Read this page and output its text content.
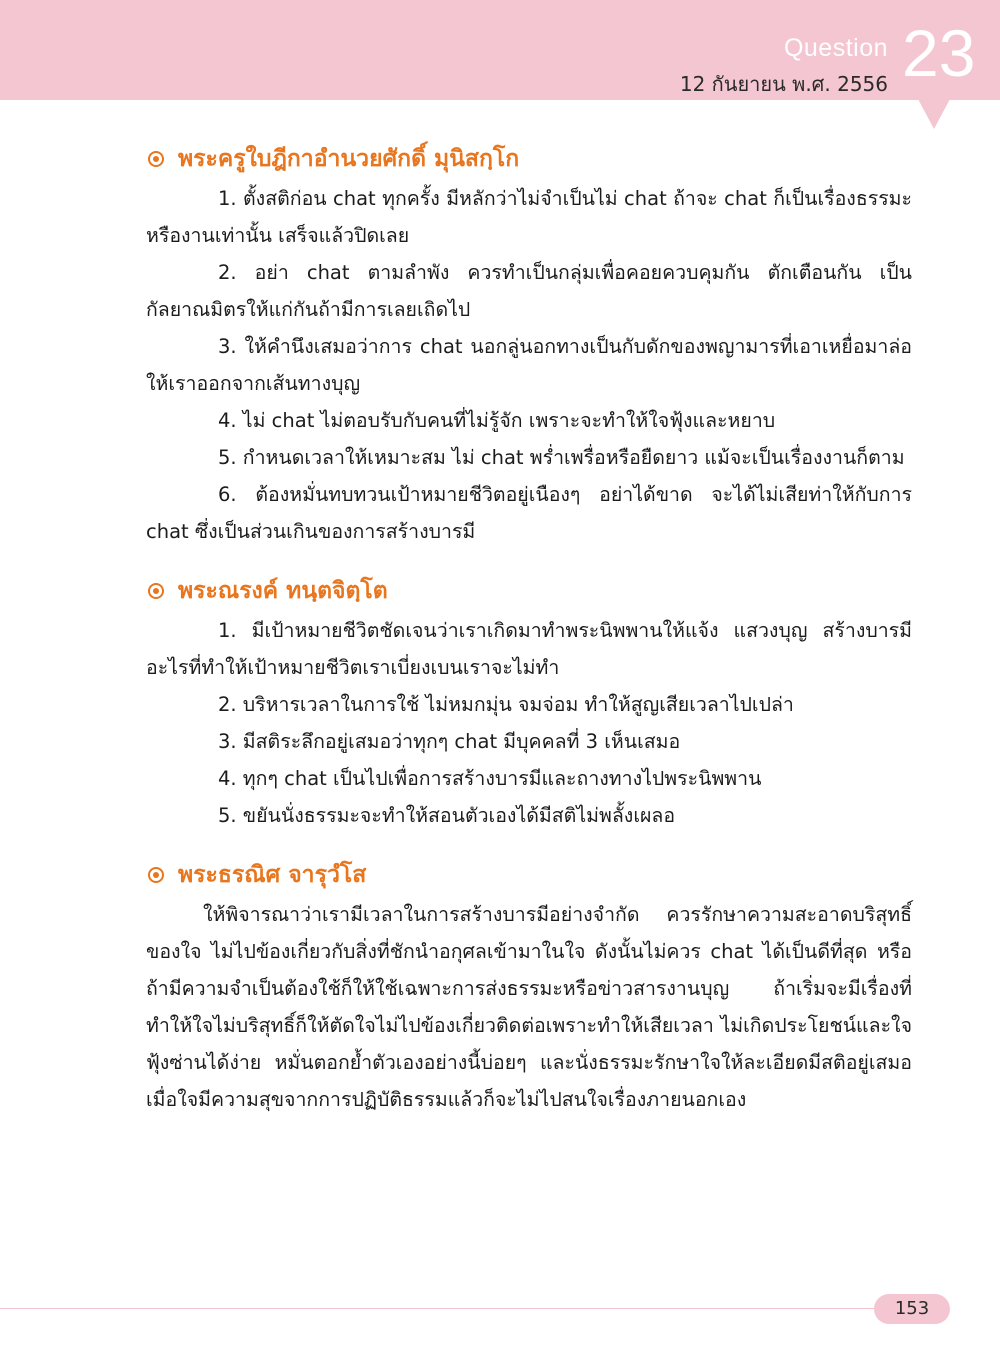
Question
12 กันยายน พ.ศ. 2556 23
พระครูใบฎีกาอำนวยศักดิ์ มุนิสกฺโก

1. ตั้งสติก่อน chat ทุกครั้ง มีหลักว่าไม่จำเป็นไม่ chat ถ้าจะ chat ก็เป็นเรื่องธรรมะหรืองานเท่านั้น เสร็จแล้วปิดเลย

2. อย่า chat ตามลำพัง ควรทำเป็นกลุ่มเพื่อคอยควบคุมกัน ตักเตือนกัน เป็นกัลยาณมิตรให้แก่กันถ้ามีการเลยเถิดไป

3. ให้คำนึงเสมอว่าการ chat นอกลู่นอกทางเป็นกับดักของพญามารที่เอาเหยื่อมาล่อให้เราออกจากเส้นทางบุญ

4. ไม่ chat ไม่ตอบรับกับคนที่ไม่รู้จัก เพราะจะทำให้ใจฟุ้งและหยาบ

5. กำหนดเวลาให้เหมาะสม ไม่ chat พร่ำเพรื่อหรือยืดยาว แม้จะเป็นเรื่องงานก็ตาม

6. ต้องหมั่นทบทวนเป้าหมายชีวิตอยู่เนืองๆ อย่าได้ขาด จะได้ไม่เสียท่าให้กับการ chat ซึ่งเป็นส่วนเกินของการสร้างบารมี

พระณรงค์ ทนฺตจิตฺโต

1. มีเป้าหมายชีวิตชัดเจนว่าเราเกิดมาทำพระนิพพานให้แจ้ง แสวงบุญ สร้างบารมี อะไรที่ทำให้เป้าหมายชีวิตเราเบี่ยงเบนเราจะไม่ทำ

2. บริหารเวลาในการใช้ ไม่หมกมุ่น จมจ่อม ทำให้สูญเสียเวลาไปเปล่า

3. มีสติระลึกอยู่เสมอว่าทุกๆ chat มีบุคคลที่ 3 เห็นเสมอ

4. ทุกๆ chat เป็นไปเพื่อการสร้างบารมีและถางทางไปพระนิพพาน

5. ขยันนั่งธรรมะจะทำให้สอนตัวเองได้มีสติไม่พลั้งเผลอ

พระธรณิศ จารุวํโส

ให้พิจารณาว่าเรามีเวลาในการสร้างบารมีอย่างจำกัด ควรรักษาความสะอาดบริสุทธิ์ของใจ ไม่ไปข้องเกี่ยวกับสิ่งที่ชักนำอกุศลเข้ามาในใจ ดังนั้นไม่ควร chat ได้เป็นดีที่สุด หรือถ้ามีความจำเป็นต้องใช้ก็ให้ใช้เฉพาะการส่งธรรมะหรือข่าวสารงานบุญ ถ้าเริ่มจะมีเรื่องที่ทำให้ใจไม่บริสุทธิ์ก็ให้ตัดใจไม่ไปข้องเกี่ยวติดต่อเพราะทำให้เสียเวลา ไม่เกิดประโยชน์และใจฟุ้งซ่านได้ง่าย หมั่นตอกย้ำตัวเองอย่างนี้บ่อยๆ และนั่งธรรมะรักษาใจให้ละเอียดมีสติอยู่เสมอ เมื่อใจมีความสุขจากการปฏิบัติธรรมแล้วก็จะไม่ไปสนใจเรื่องภายนอกเอง

153
